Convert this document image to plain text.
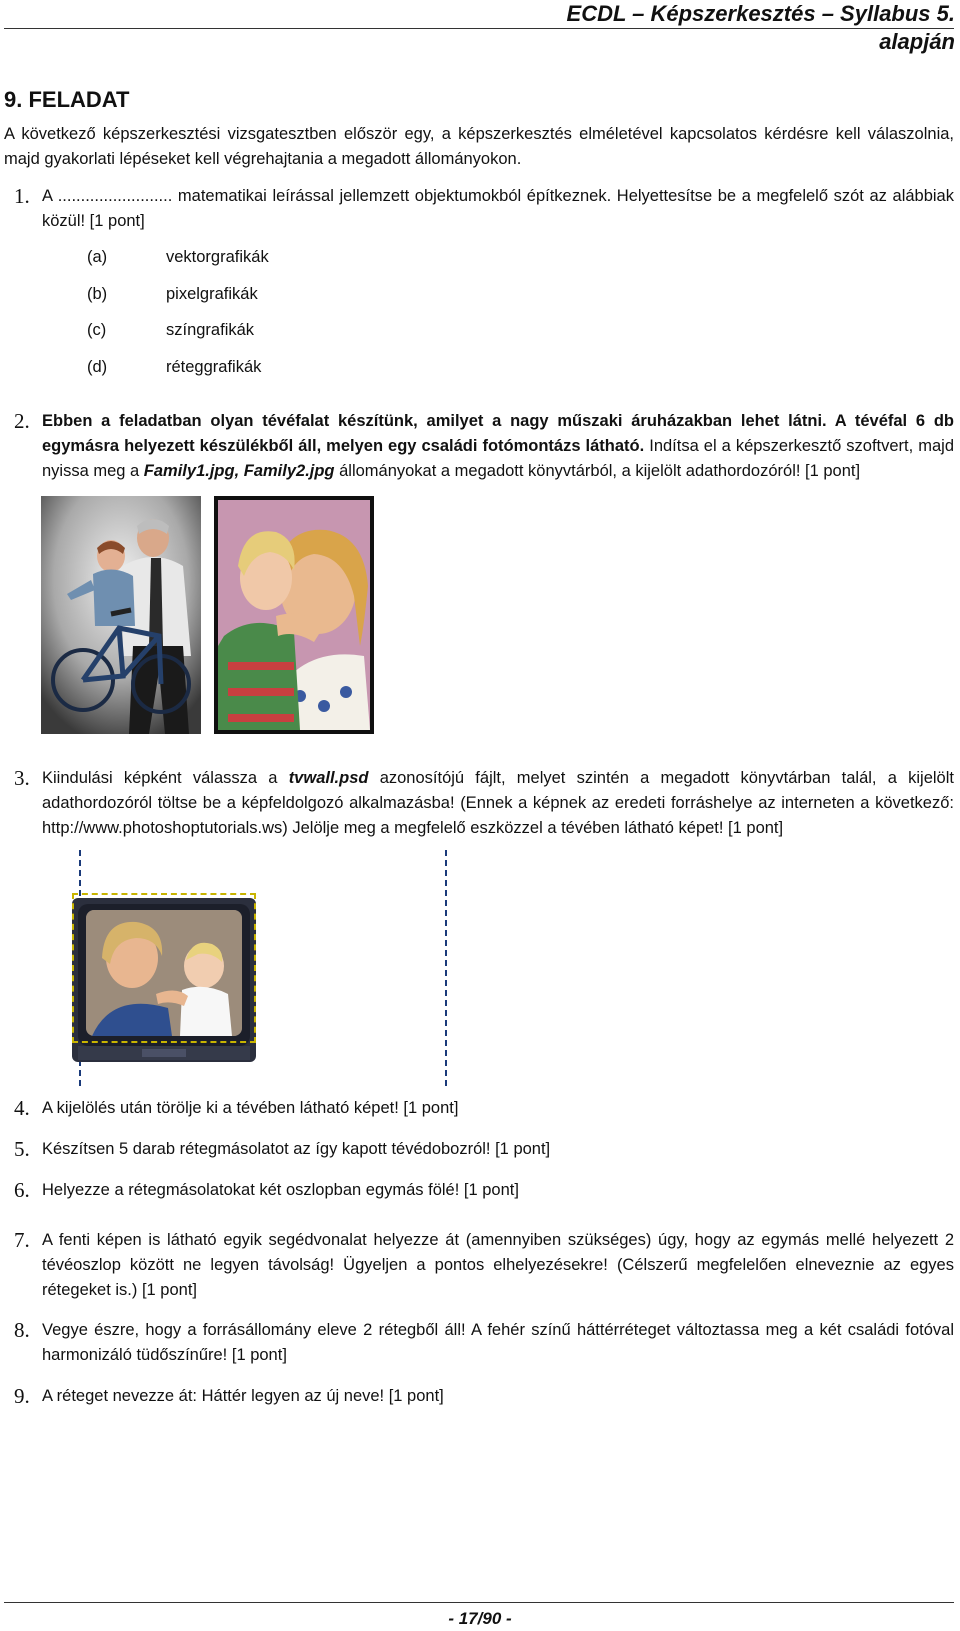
ECDL – Képszerkesztés – Syllabus 5. alapján
9. FELADAT
A következő képszerkesztési vizsgatesztben először egy, a képszerkesztés elméletével kapcsolatos kérdésre kell válaszolnia, majd gyakorlati lépéseket kell végrehajtania a megadott állományokon.
1. A ......................... matematikai leírással jellemzett objektumokból építkeznek. Helyettesítse be a megfelelő szót az alábbiak közül! [1 pont]
(a)	vektorgrafikák
(b)	pixelgrafikák
(c)	színgrafikák
(d)	réteggrafikák
2. Ebben a feladatban olyan tévéfalat készítünk, amilyet a nagy műszaki áruházakban lehet látni. A tévéfal 6 db egymásra helyezett készülékből áll, melyen egy családi fotómontázs látható. Indítsa el a képszerkesztő szoftvert, majd nyissa meg a Family1.jpg, Family2.jpg állományokat a megadott könyvtárból, a kijelölt adathordozóról! [1 pont]
3. Kiindulási képként válassza a tvwall.psd azonosítójú fájlt, melyet szintén a megadott könyvtárban talál, a kijelölt adathordozóról töltse be a képfeldolgozó alkalmazásba! (Ennek a képnek az eredeti forráshelye az interneten a következő: http://www.photoshoptutorials.ws) Jelölje meg a megfelelő eszközzel a tévében látható képet! [1 pont]
4. A kijelölés után törölje ki a tévében látható képet! [1 pont]
5. Készítsen 5 darab rétegmásolatot az így kapott tévédobozról! [1 pont]
6. Helyezze a rétegmásolatokat két oszlopban egymás fölé! [1 pont]
7. A fenti képen is látható egyik segédvonalat helyezze át (amennyiben szükséges) úgy, hogy az egymás mellé helyezett 2 tévéoszlop között ne legyen távolság! Ügyeljen a pontos elhelyezésekre! (Célszerű megfelelően elneveznie az egyes rétegeket is.) [1 pont]
8. Vegye észre, hogy a forrásállomány eleve 2 rétegből áll! A fehér színű háttérréteget változtassa meg a két családi fotóval harmonizáló tüdőszínűre! [1 pont]
9. A réteget nevezze át: Háttér legyen az új neve! [1 pont]
- 17/90 -
